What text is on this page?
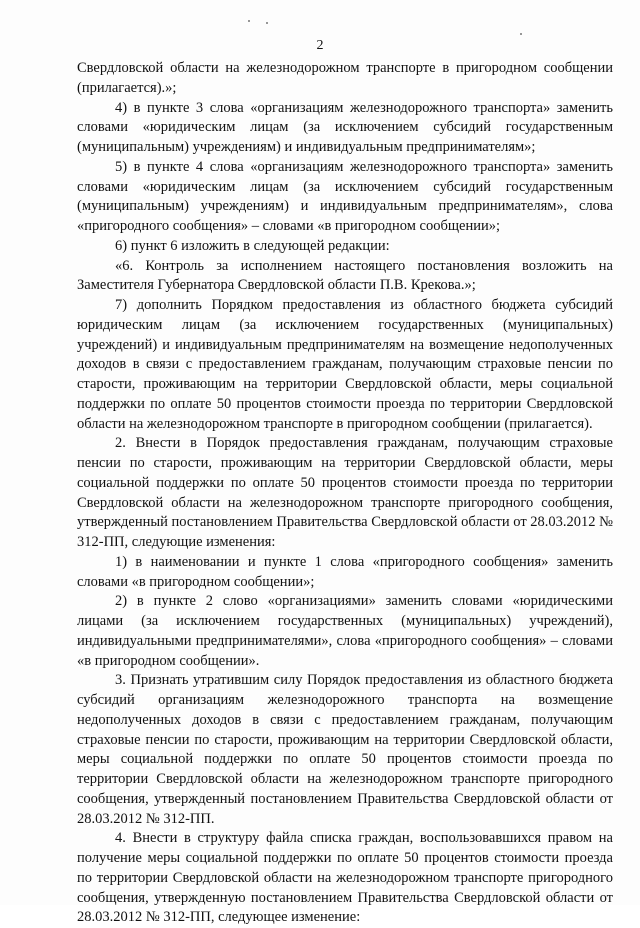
2

Свердловской области на железнодорожном транспорте в пригородном сообщении (прилагается).»;

4) в пункте 3 слова «организациям железнодорожного транспорта» заменить словами «юридическим лицам (за исключением субсидий государственным (муниципальным) учреждениям) и индивидуальным предпринимателям»;

5) в пункте 4 слова «организациям железнодорожного транспорта» заменить словами «юридическим лицам (за исключением субсидий государственным (муниципальным) учреждениям) и индивидуальным предпринимателям», слова «пригородного сообщения» – словами «в пригородном сообщении»;

6) пункт 6 изложить в следующей редакции:

«6. Контроль за исполнением настоящего постановления возложить на Заместителя Губернатора Свердловской области П.В. Крекова.»;

7) дополнить Порядком предоставления из областного бюджета субсидий юридическим лицам (за исключением государственных (муниципальных) учреждений) и индивидуальным предпринимателям на возмещение недополученных доходов в связи с предоставлением гражданам, получающим страховые пенсии по старости, проживающим на территории Свердловской области, меры социальной поддержки по оплате 50 процентов стоимости проезда по территории Свердловской области на железнодорожном транспорте в пригородном сообщении (прилагается).

2. Внести в Порядок предоставления гражданам, получающим страховые пенсии по старости, проживающим на территории Свердловской области, меры социальной поддержки по оплате 50 процентов стоимости проезда по территории Свердловской области на железнодорожном транспорте пригородного сообщения, утвержденный постановлением Правительства Свердловской области от 28.03.2012 № 312-ПП, следующие изменения:

1) в наименовании и пункте 1 слова «пригородного сообщения» заменить словами «в пригородном сообщении»;

2) в пункте 2 слово «организациями» заменить словами «юридическими лицами (за исключением государственных (муниципальных) учреждений), индивидуальными предпринимателями», слова «пригородного сообщения» – словами «в пригородном сообщении».

3. Признать утратившим силу Порядок предоставления из областного бюджета субсидий организациям железнодорожного транспорта на возмещение недополученных доходов в связи с предоставлением гражданам, получающим страховые пенсии по старости, проживающим на территории Свердловской области, меры социальной поддержки по оплате 50 процентов стоимости проезда по территории Свердловской области на железнодорожном транспорте пригородного сообщения, утвержденный постановлением Правительства Свердловской области от 28.03.2012 № 312-ПП.

4. Внести в структуру файла списка граждан, воспользовавшихся правом на получение меры социальной поддержки по оплате 50 процентов стоимости проезда по территории Свердловской области на железнодорожном транспорте пригородного сообщения, утвержденную постановлением Правительства Свердловской области от 28.03.2012 № 312-ПП, следующее изменение:
